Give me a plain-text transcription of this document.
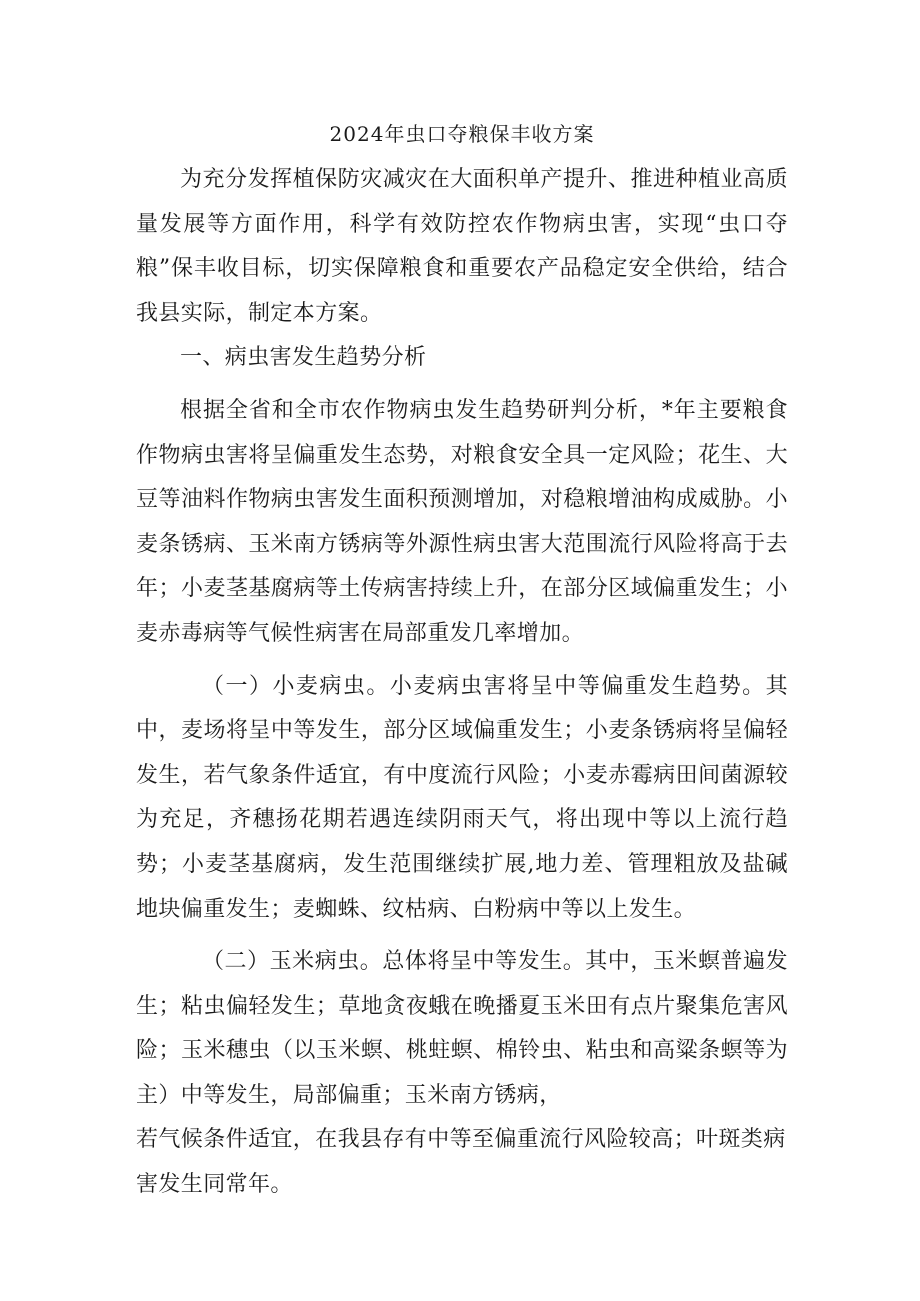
2024年虫口夺粮保丰收方案

为充分发挥植保防灾减灾在大面积单产提升、推进种植业高质量发展等方面作用，科学有效防控农作物病虫害，实现“虫口夺粮”保丰收目标，切实保障粮食和重要农产品稳定安全供给，结合我县实际，制定本方案。

一、病虫害发生趋势分析

根据全省和全市农作物病虫发生趋势研判分析，*年主要粮食作物病虫害将呈偏重发生态势，对粮食安全具一定风险；花生、大豆等油料作物病虫害发生面积预测增加，对稳粮增油构成威胁。小麦条锈病、玉米南方锈病等外源性病虫害大范围流行风险将高于去年；小麦茎基腐病等土传病害持续上升，在部分区域偏重发生；小麦赤毒病等气候性病害在局部重发几率增加。

（一）小麦病虫。小麦病虫害将呈中等偏重发生趋势。其中，麦场将呈中等发生，部分区域偏重发生；小麦条锈病将呈偏轻发生，若气象条件适宜，有中度流行风险；小麦赤霉病田间菌源较为充足，齐穗扬花期若遇连续阴雨天气，将出现中等以上流行趋势；小麦茎基腐病，发生范围继续扩展,地力差、管理粗放及盐碱地块偏重发生；麦蜘蛛、纹枯病、白粉病中等以上发生。

（二）玉米病虫。总体将呈中等发生。其中，玉米螟普遍发生；粘虫偏轻发生；草地贪夜蛾在晚播夏玉米田有点片聚集危害风险；玉米穗虫（以玉米螟、桃蛀螟、棉铃虫、粘虫和高粱条螟等为主）中等发生，局部偏重；玉米南方锈病，

若气候条件适宜，在我县存有中等至偏重流行风险较高；叶斑类病害发生同常年。
